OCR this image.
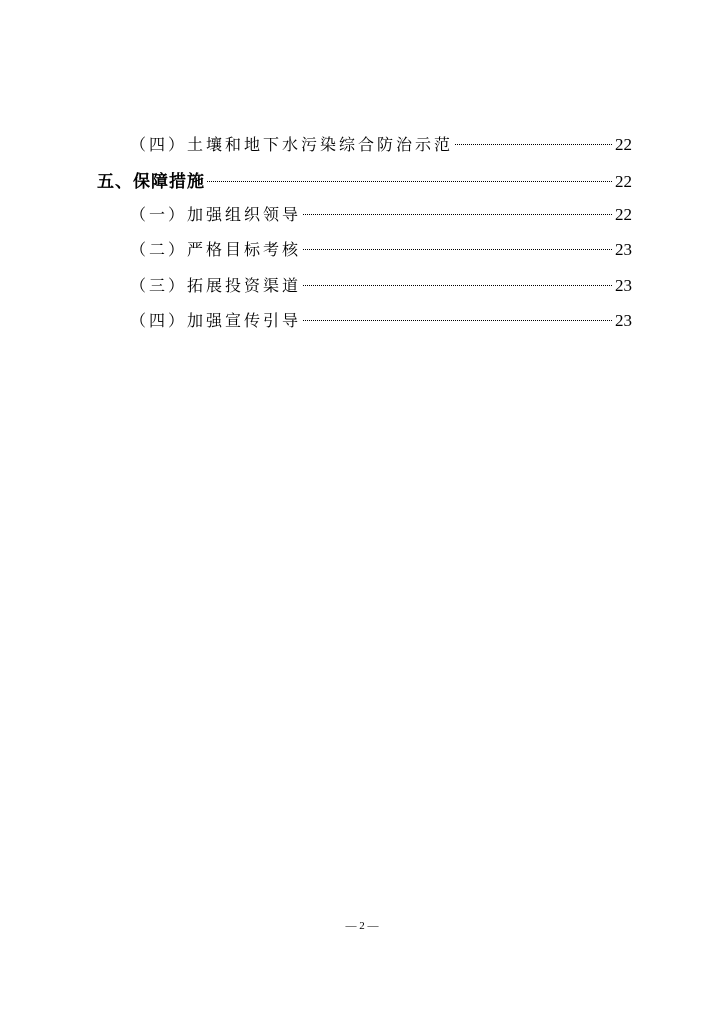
（四）土壤和地下水污染综合防治示范	22
五、保障措施	22
（一）加强组织领导	22
（二）严格目标考核	23
（三）拓展投资渠道	23
（四）加强宣传引导	23
— 2 —
